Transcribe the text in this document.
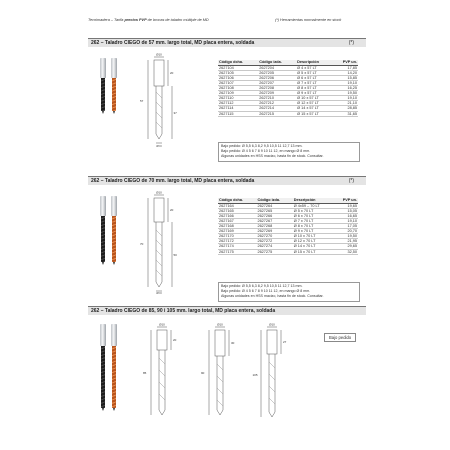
Tecnimadera – Tarifa precios PVP de brocas de taladro múltiple de MD	(*) Herramientas normalmente en stock
262 – Taladro CIEGO de 57 mm. largo total, MD placa entera, soldada	(*)
Ø10
20
57
37
Ø D
Código dcha.	Código izda.	Descripción	PVP un.
2627104	2627204	Ø 4 x 57 LT	17,85
2627105	2627205	Ø 5 x 57 LT	14,20
2627106	2627206	Ø 6 x 57 LT	15,85
2627107	2627207	Ø 7 x 57 LT	19,10
2627108	2627208	Ø 8 x 57 LT	16,25
2627109	2627209	Ø 9 x 57 LT	19,50
2627110	2627210	Ø 10 x 57 LT	19,10
2627112	2627212	Ø 12 x 57 LT	21,10
2627114	2627214	Ø 14 x 57 LT	28,85
2627115	2627215	Ø 15 x 57 LT	31,65
Bajo pedido: Ø 5,5 6,3 8,2 9,5 10,5 11 12,7 13 mm.
Bajo pedido: Ø 4 5 6 7 8 9 10 11 12, en mango Ø 8 mm.
Algunas unidades en HSS macizo, hasta fin de stock. Consultar.
262 – Taladro CIEGO de 70 mm. largo total, MD placa entera, soldada	(*)
Ø10
20
70
50
Ø D
Código dcha.	Código izda.	Descripción	PVP un.
2627164	2627264	Ø 4x59 – 70 LT	19,65
2627165	2627265	Ø 5 x 70 LT	15,05
2627166	2627266	Ø 6 x 70 LT	16,65
2627167	2627267	Ø 7 x 70 LT	19,10
2627168	2627268	Ø 8 x 70 LT	17,05
2627169	2627269	Ø 9 x 70 LT	20,70
2627170	2627270	Ø 10 x 70 LT	19,50
2627172	2627272	Ø 12 x 70 LT	21,95
2627174	2627274	Ø 14 x 70 LT	29,65
2627175	2627275	Ø 15 x 70 LT	32,50
Bajo pedido: Ø 5,5 6,3 8,2 9,5 10,5 11 12,7 13 mm.
Bajo pedido: Ø 4 5 6 7 8 9 10 11 12, en mango Ø 8 mm.
Algunas unidades en HSS macizo, hasta fin de stock. Consultar.
262 – Taladro CIEGO de 85, 90 i 105 mm. largo total, MD placa entera, soldada
Bajo pedido
Ø10
20
85
Ø10
30
90
Ø10
27
105
